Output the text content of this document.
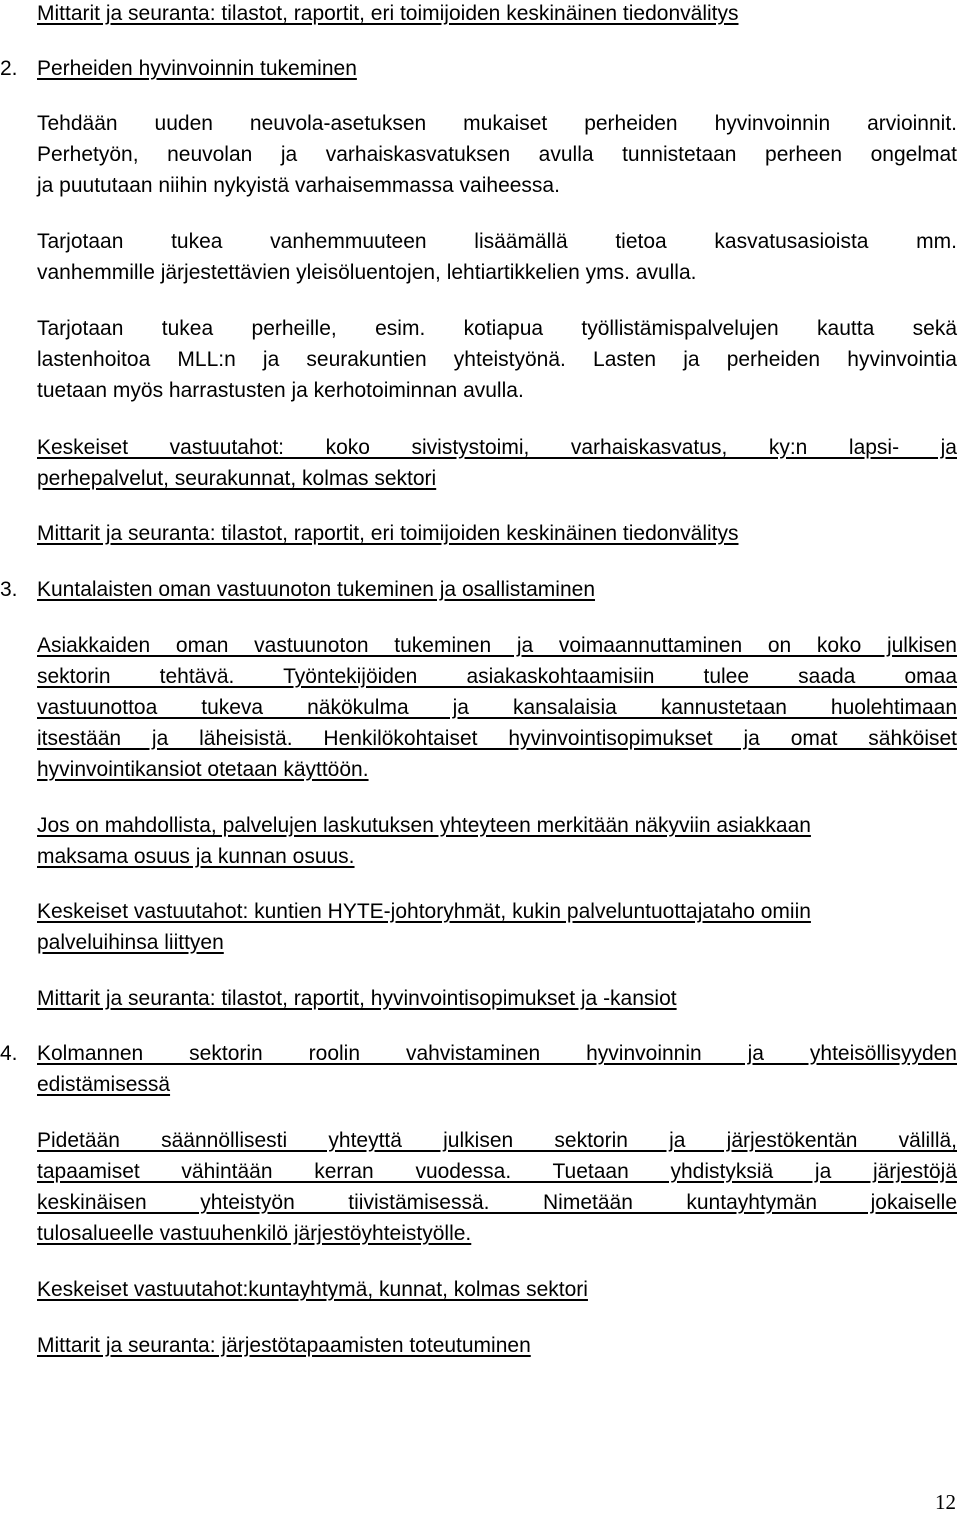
Mittarit ja seuranta: tilastot, raportit, eri toimijoiden keskinäinen tiedonvälitys
2. Perheiden hyvinvoinnin tukeminen
Tehdään uuden neuvola-asetuksen mukaiset perheiden hyvinvoinnin arvioinnit.
Perhetyön, neuvolan ja varhaiskasvatuksen avulla tunnistetaan perheen ongelmat
ja puututaan niihin nykyistä varhaisemmassa vaiheessa.
Tarjotaan tukea vanhemmuuteen lisäämällä tietoa kasvatusasioista mm.
vanhemmille järjestettävien yleisöluentojen, lehtiartikkelien yms. avulla.
Tarjotaan tukea perheille, esim. kotiapua työllistämispalvelujen kautta sekä
lastenhoitoa MLL:n ja seurakuntien yhteistyönä. Lasten ja perheiden hyvinvointia
tuetaan myös harrastusten ja kerhotoiminnan avulla.
Keskeiset vastuutahot: koko sivistystoimi, varhaiskasvatus, ky:n lapsi- ja
perhepalvelut, seurakunnat, kolmas sektori
Mittarit ja seuranta: tilastot, raportit, eri toimijoiden keskinäinen tiedonvälitys
3. Kuntalaisten oman vastuunoton tukeminen ja osallistaminen
Asiakkaiden oman vastuunoton tukeminen ja voimaannuttaminen on koko julkisen
sektorin tehtävä. Työntekijöiden asiakaskohtaamisiin tulee saada omaa
vastuunottoa tukeva näkökulma ja kansalaisia kannustetaan huolehtimaan
itsestään ja läheisistä. Henkilökohtaiset hyvinvointisopimukset ja omat sähköiset
hyvinvointikansiot otetaan käyttöön.
Jos on mahdollista, palvelujen laskutuksen yhteyteen merkitään näkyviin asiakkaan
maksama osuus ja kunnan osuus.
Keskeiset vastuutahot: kuntien HYTE-johtoryhmät, kukin palveluntuottajataho omiin
palveluihinsa liittyen
Mittarit ja seuranta: tilastot, raportit, hyvinvointisopimukset ja -kansiot
4. Kolmannen sektorin roolin vahvistaminen hyvinvoinnin ja yhteisöllisyyden
edistämisessä
Pidetään säännöllisesti yhteyttä julkisen sektorin ja järjestökentän välillä,
tapaamiset vähintään kerran vuodessa. Tuetaan yhdistyksiä ja järjestöjä
keskinäisen yhteistyön tiivistämisessä. Nimetään kuntayhtymän jokaiselle
tulosalueelle vastuuhenkilö järjestöyhteistyölle.
Keskeiset vastuutahot:kuntayhtymä, kunnat, kolmas sektori
Mittarit ja seuranta: järjestötapaamisten toteutuminen
12
